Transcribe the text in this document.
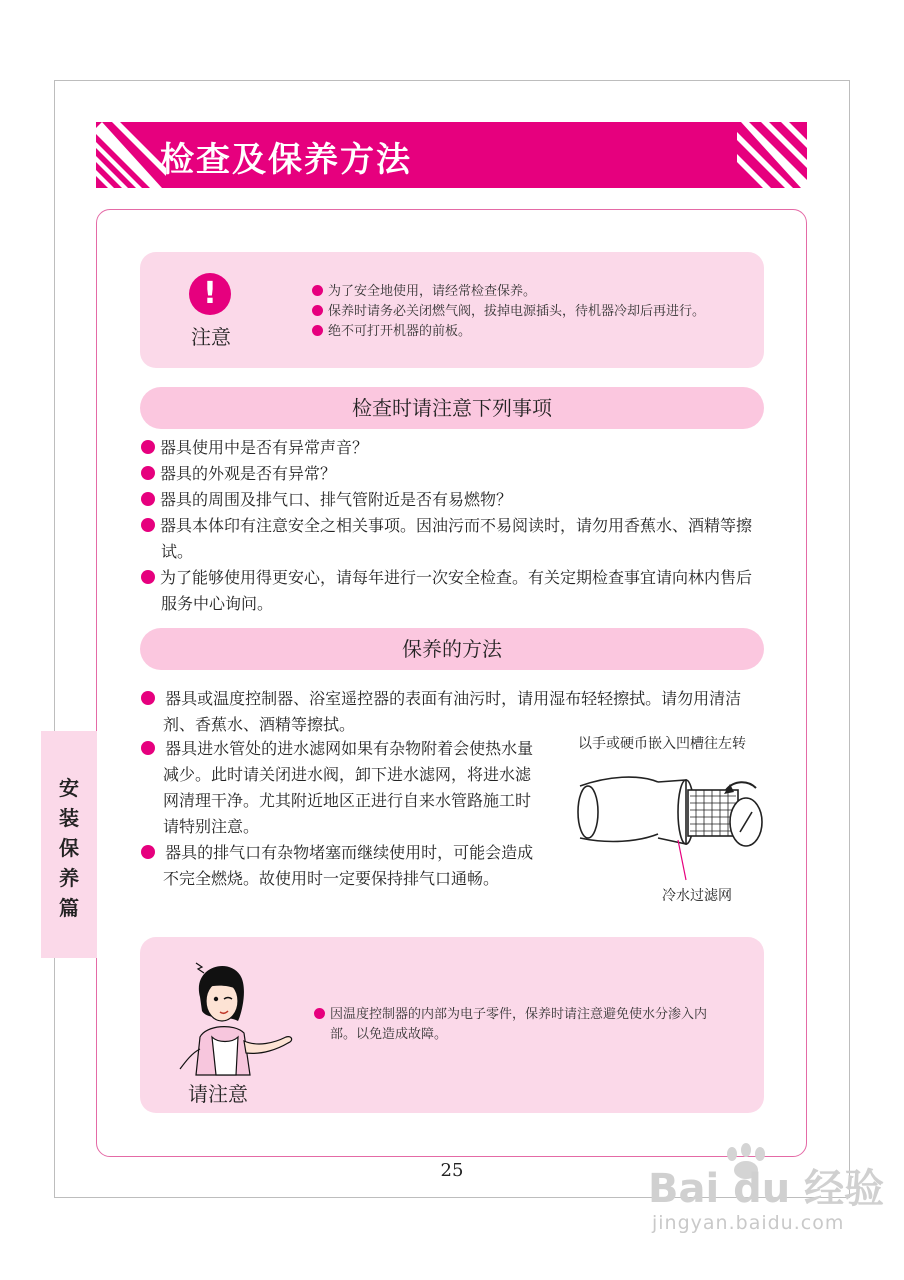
检查及保养方法
!
注意
为了安全地使用，请经常检查保养。
保养时请务必关闭燃气阀，拔掉电源插头，待机器冷却后再进行。
绝不可打开机器的前板。
检查时请注意下列事项
器具使用中是否有异常声音？
器具的外观是否有异常？
器具的周围及排气口、排气管附近是否有易燃物？
器具本体印有注意安全之相关事项。因油污而不易阅读时，请勿用香蕉水、酒精等擦
试。
为了能够使用得更安心，请每年进行一次安全检查。有关定期检查事宜请向林内售后
服务中心询问。
保养的方法
器具或温度控制器、浴室遥控器的表面有油污时，请用湿布轻轻擦拭。请勿用清洁
剂、香蕉水、酒精等擦拭。
器具进水管处的进水滤网如果有杂物附着会使热水量
减少。此时请关闭进水阀，卸下进水滤网，将进水滤
网清理干净。尤其附近地区正进行自来水管路施工时
请特别注意。
器具的排气口有杂物堵塞而继续使用时，可能会造成
不完全燃烧。故使用时一定要保持排气口通畅。
以手或硬币嵌入凹槽往左转
冷水过滤网
安
装
保
养
篇
请注意
因温度控制器的内部为电子零件，保养时请注意避免使水分渗入内
部。以免造成故障。
25	Bai du 经验
jingyan.baidu.com
